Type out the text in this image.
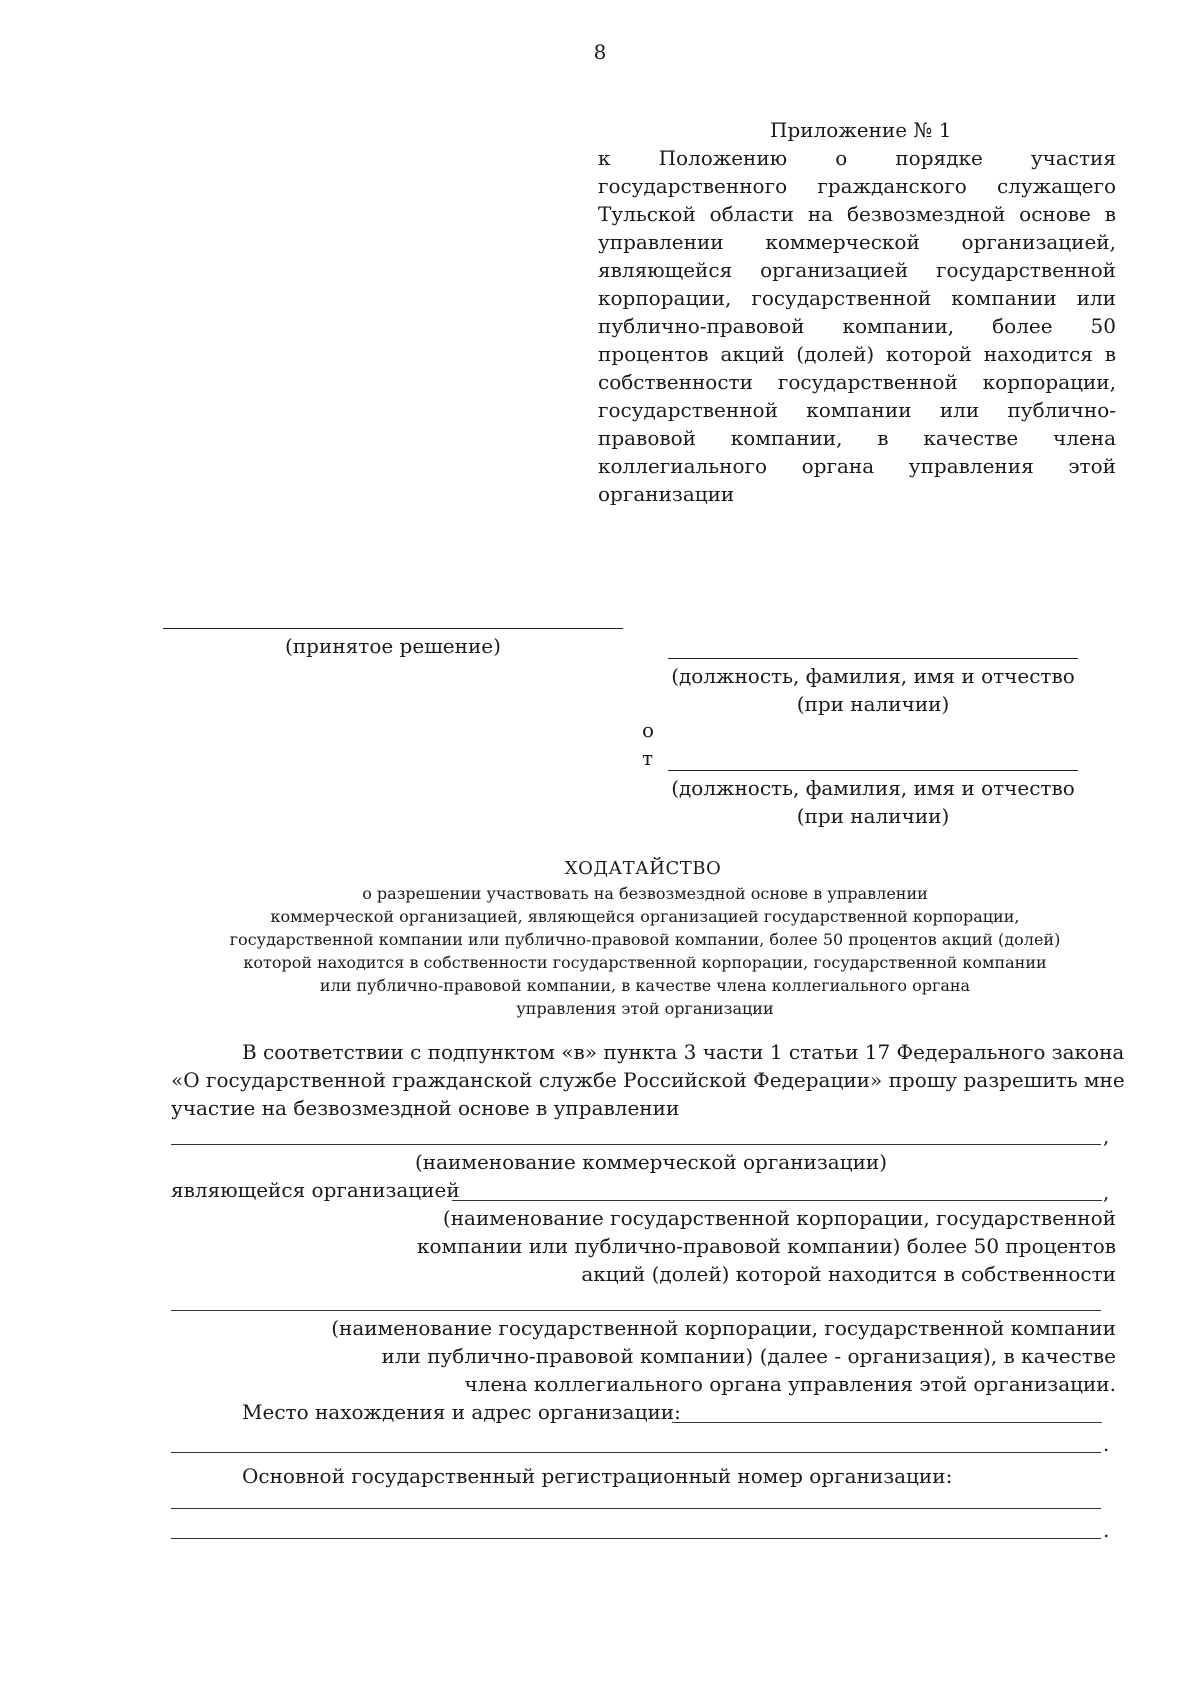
8
Приложение № 1
к Положению о порядке участия государственного гражданского служащего Тульской области на безвозмездной основе в управлении коммерческой организацией, являющейся организацией государственной корпорации, государственной компании или публично-правовой компании, более 50 процентов акций (долей) которой находится в собственности государственной корпорации, государственной компании или публично-правовой компании, в качестве члена коллегиального органа управления этой организации
(принятое решение)
(должность, фамилия, имя и отчество
(при наличии)
о
т
(должность, фамилия, имя и отчество
(при наличии)
ХОДАТАЙСТВО
о разрешении участвовать на безвозмездной основе в управлении
коммерческой организацией, являющейся организацией государственной корпорации,
государственной компании или публично-правовой компании, более 50 процентов акций (долей)
которой находится в собственности государственной корпорации, государственной компании
или публично-правовой компании, в качестве члена коллегиального органа
управления этой организации
В соответствии с подпунктом «в» пункта 3 части 1 статьи 17 Федерального закона
«О государственной гражданской службе Российской Федерации» прошу разрешить мне
участие на безвозмездной основе в управлении
,
(наименование коммерческой организации)
являющейся организацией	,
(наименование государственной корпорации, государственной
компании или публично-правовой компании) более 50 процентов
акций (долей) которой находится в собственности
(наименование государственной корпорации, государственной компании
или публично-правовой компании) (далее - организация), в качестве
члена коллегиального органа управления этой организации.
Место нахождения и адрес организации:
.
Основной государственный регистрационный номер организации:
.
